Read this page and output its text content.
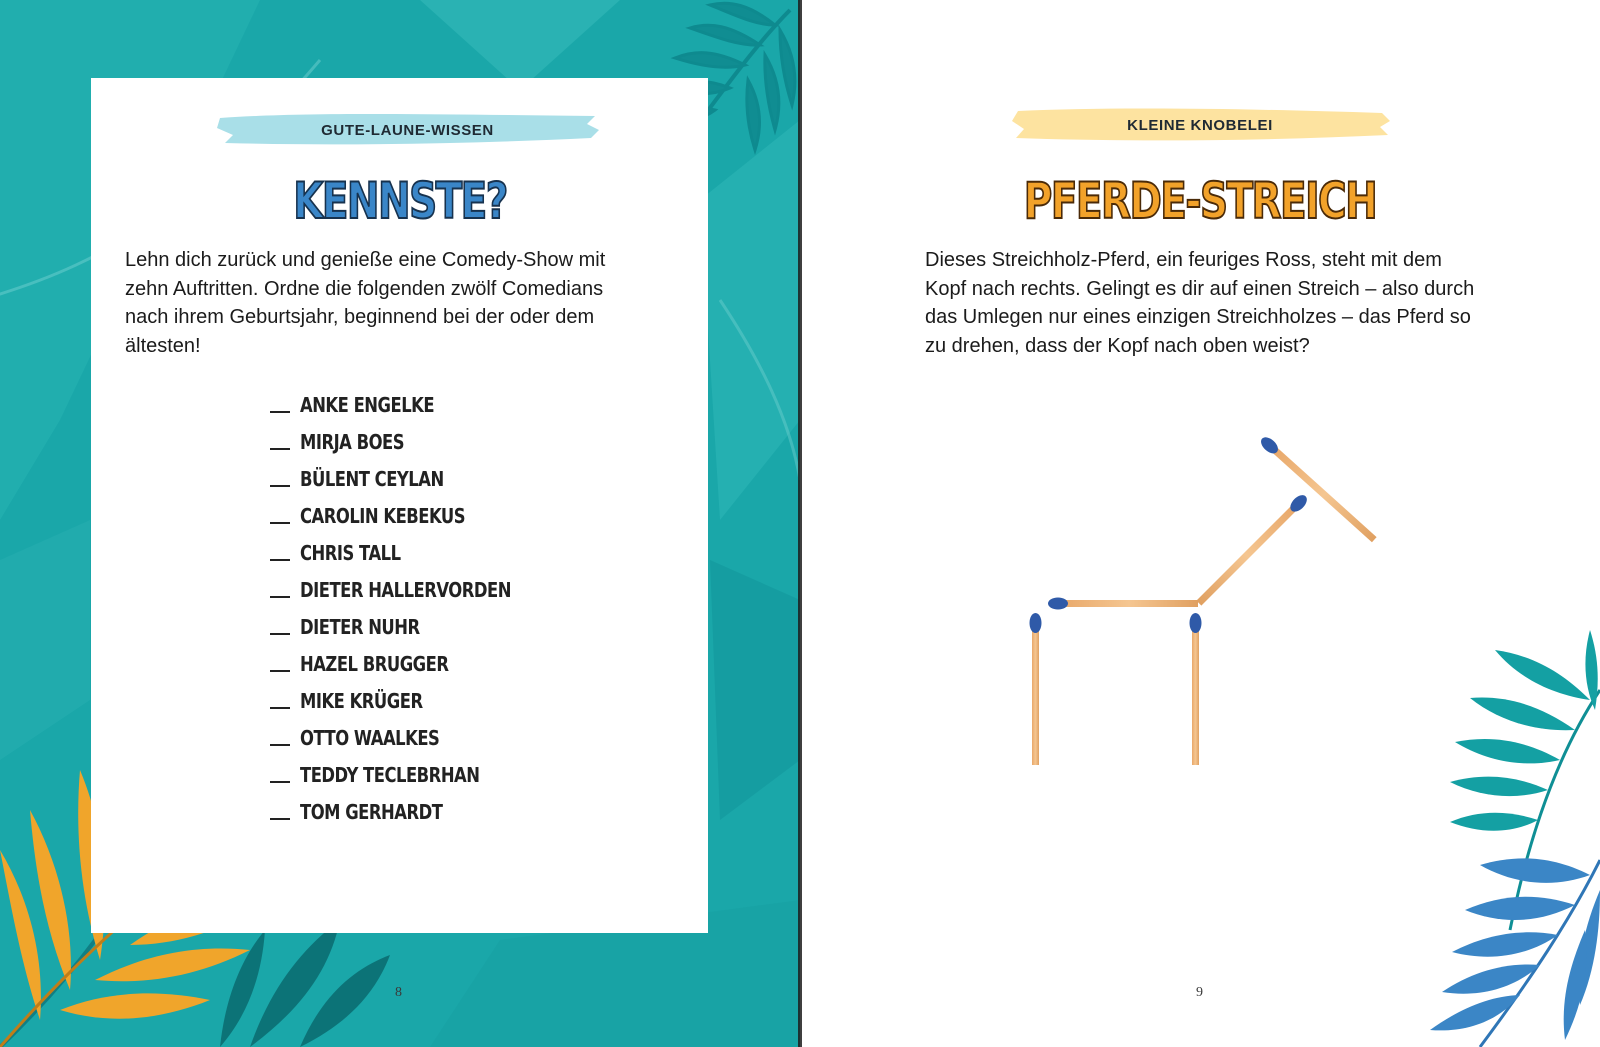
GUTE-LAUNE-WISSEN
KENNSTE?
Lehn dich zurück und genieße eine Comedy-Show mit zehn Auftritten. Ordne die folgenden zwölf Comedians nach ihrem Geburtsjahr, beginnend bei der oder dem ältesten!
ANKE ENGELKE
MIRJA BOES
BÜLENT CEYLAN
CAROLIN KEBEKUS
CHRIS TALL
DIETER HALLERVORDEN
DIETER NUHR
HAZEL BRUGGER
MIKE KRÜGER
OTTO WAALKES
TEDDY TECLEBRHAN
TOM GERHARDT
8
KLEINE KNOBELEI
PFERDE-STREICH
Dieses Streichholz-Pferd, ein feuriges Ross, steht mit dem Kopf nach rechts. Gelingt es dir auf einen Streich – also durch das Umlegen nur eines einzigen Streichholzes – das Pferd so zu drehen, dass der Kopf nach oben weist?
9
